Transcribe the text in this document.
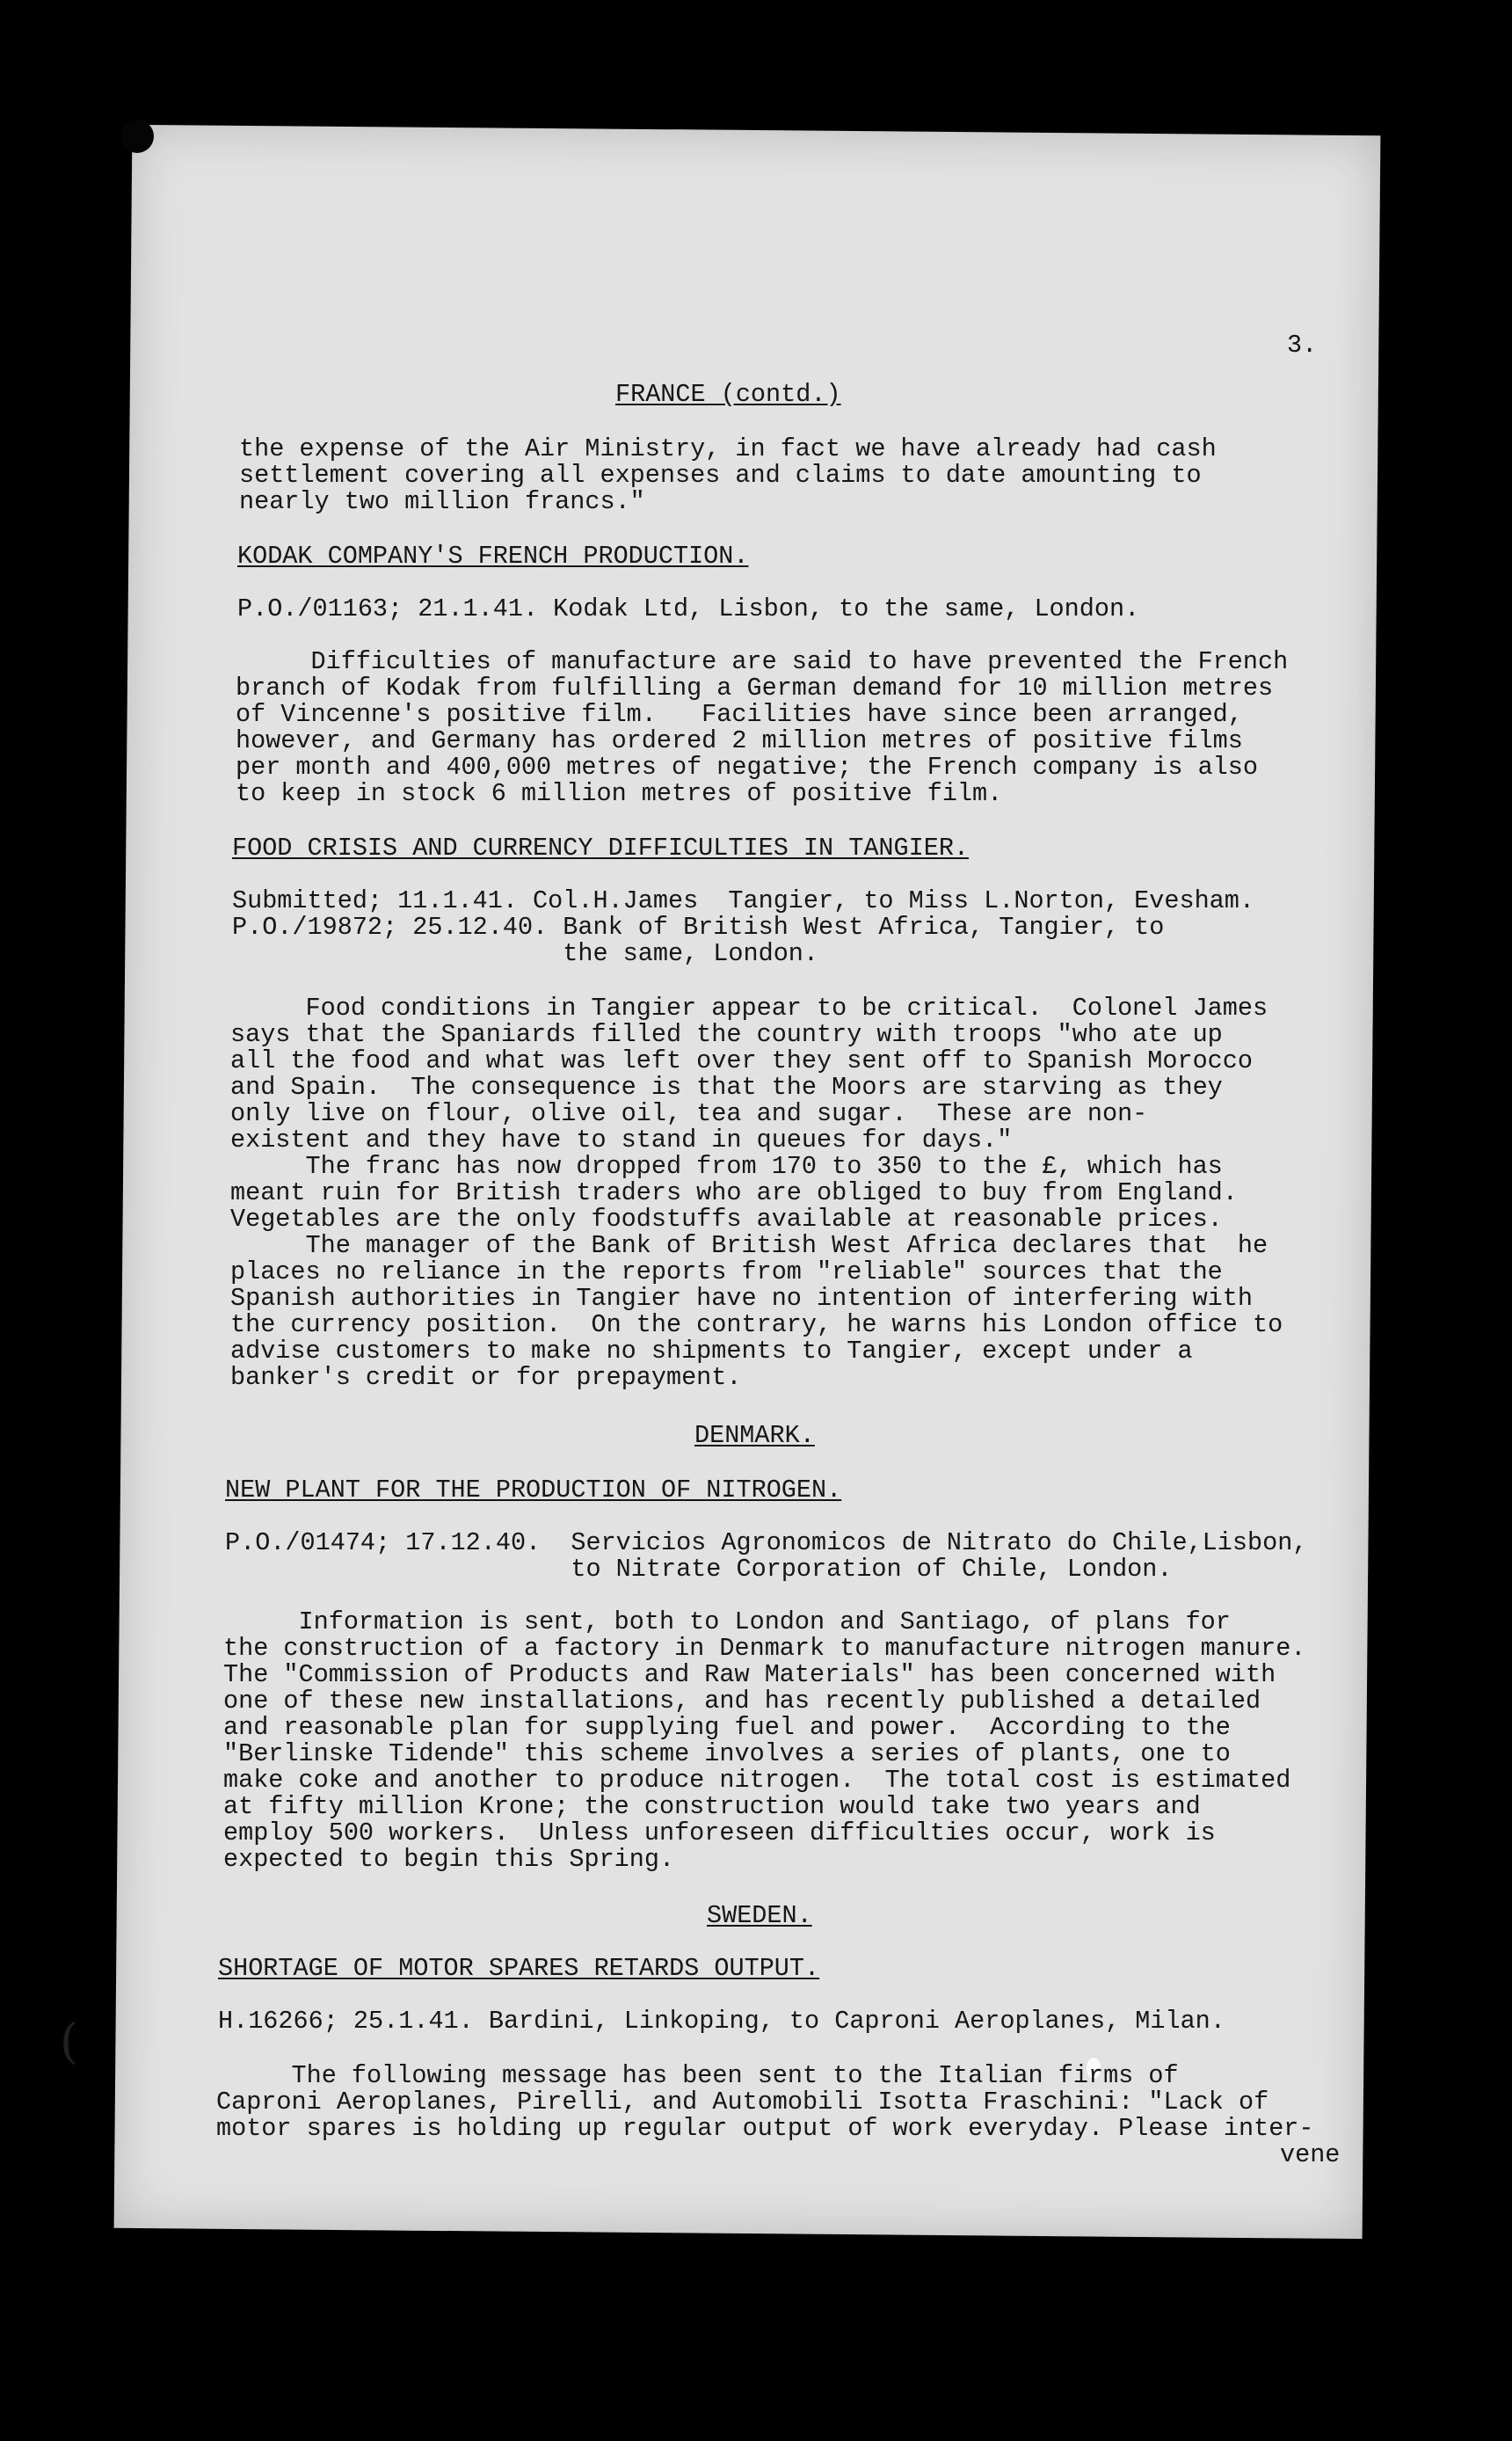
(

3.

FRANCE (contd.)

the expense of the Air Ministry, in fact we have already had cash

settlement covering all expenses and claims to date amounting to

nearly two million francs."

KODAK COMPANY'S FRENCH PRODUCTION.

P.O./01163; 21.1.41. Kodak Ltd, Lisbon, to the same, London.

Difficulties of manufacture are said to have prevented the French

branch of Kodak from fulfilling a German demand for 10 million metres

of Vincenne's positive film.   Facilities have since been arranged,

however, and Germany has ordered 2 million metres of positive films

per month and 400,000 metres of negative; the French company is also

to keep in stock 6 million metres of positive film.

FOOD CRISIS AND CURRENCY DIFFICULTIES IN TANGIER.

Submitted; 11.1.41. Col.H.James  Tangier, to Miss L.Norton, Evesham.

P.O./19872; 25.12.40. Bank of British West Africa, Tangier, to

the same, London.

Food conditions in Tangier appear to be critical.  Colonel James

says that the Spaniards filled the country with troops "who ate up

all the food and what was left over they sent off to Spanish Morocco

and Spain.  The consequence is that the Moors are starving as they

only live on flour, olive oil, tea and sugar.  These are non-

existent and they have to stand in queues for days."

The franc has now dropped from 170 to 350 to the £, which has

meant ruin for British traders who are obliged to buy from England.

Vegetables are the only foodstuffs available at reasonable prices.

The manager of the Bank of British West Africa declares that  he

places no reliance in the reports from "reliable" sources that the

Spanish authorities in Tangier have no intention of interfering with

the currency position.  On the contrary, he warns his London office to

advise customers to make no shipments to Tangier, except under a

banker's credit or for prepayment.

DENMARK.

NEW PLANT FOR THE PRODUCTION OF NITROGEN.

P.O./01474; 17.12.40.  Servicios Agronomicos de Nitrato do Chile,Lisbon,

to Nitrate Corporation of Chile, London.

Information is sent, both to London and Santiago, of plans for

the construction of a factory in Denmark to manufacture nitrogen manure.

The "Commission of Products and Raw Materials" has been concerned with

one of these new installations, and has recently published a detailed

and reasonable plan for supplying fuel and power.  According to the

"Berlinske Tidende" this scheme involves a series of plants, one to

make coke and another to produce nitrogen.  The total cost is estimated

at fifty million Krone; the construction would take two years and

employ 500 workers.  Unless unforeseen difficulties occur, work is

expected to begin this Spring.

SWEDEN.

SHORTAGE OF MOTOR SPARES RETARDS OUTPUT.

H.16266; 25.1.41. Bardini, Linkoping, to Caproni Aeroplanes, Milan.

The following message has been sent to the Italian firms of

Caproni Aeroplanes, Pirelli, and Automobili Isotta Fraschini: "Lack of

motor spares is holding up regular output of work everyday. Please inter-

vene
